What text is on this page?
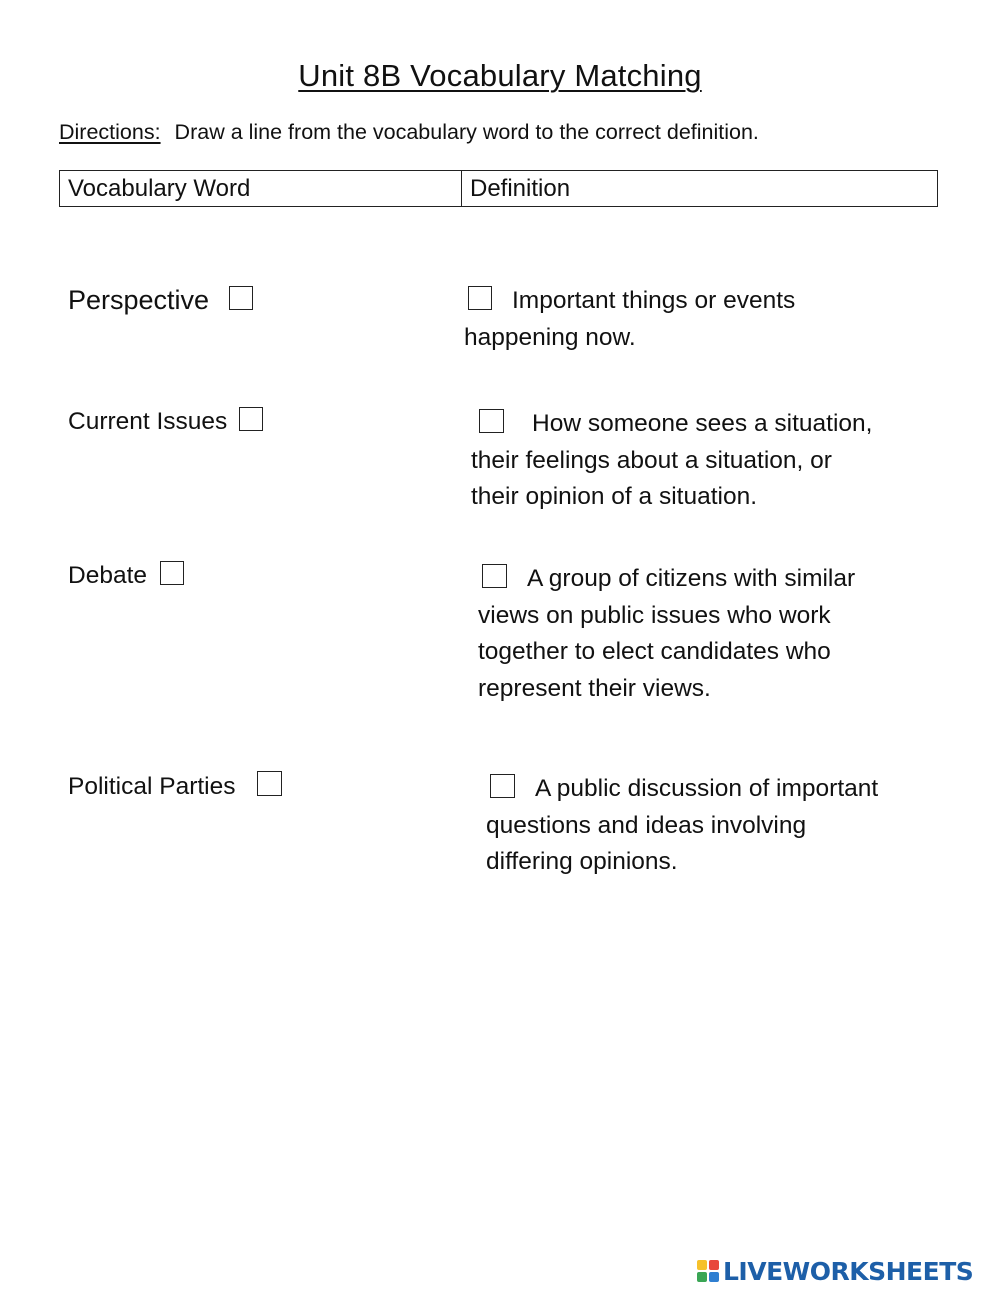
Unit 8B Vocabulary Matching
Directions: Draw a line from the vocabulary word to the correct definition.
Vocabulary Word	Definition
Perspective
Current Issues
Debate
Political Parties
Important things or events
happening now.
How someone sees a situation,
their feelings about a situation, or
their opinion of a situation.
A group of citizens with similar
views on public issues who work
together to elect candidates who
represent their views.
A public discussion of important
questions and ideas involving
differing opinions.
LIVEWORKSHEETS
